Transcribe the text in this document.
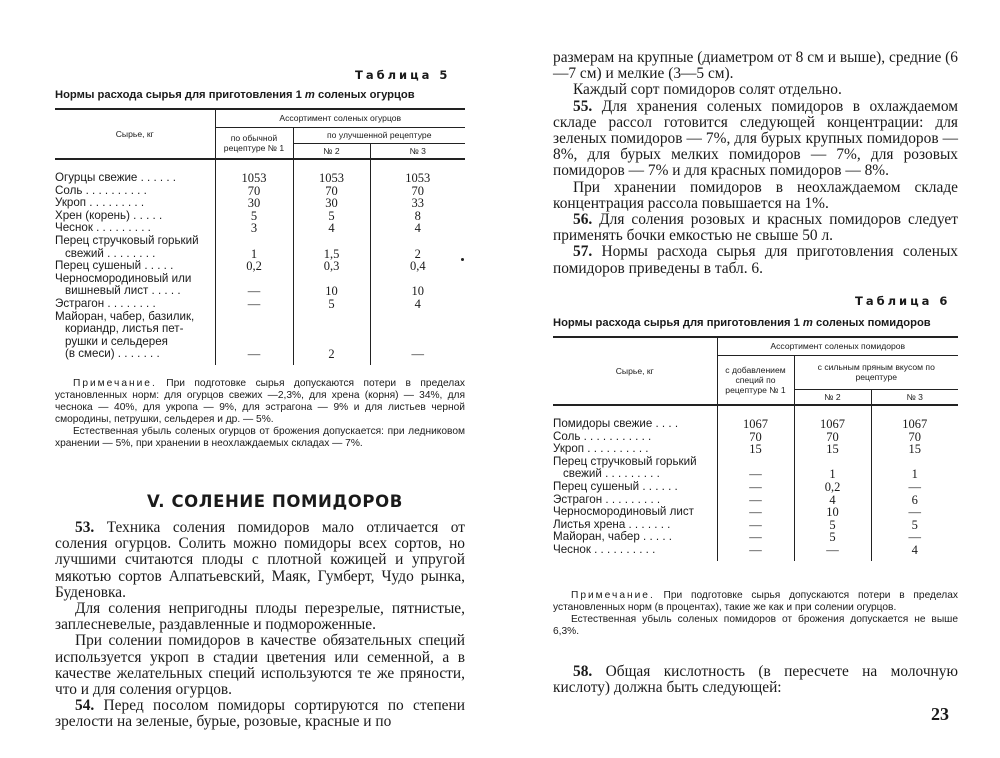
Таблица 5
Нормы расхода сырья для приготовления 1 т соленых огурцов
Сырье, кг	Ассортимент соленых огурцов		
	по обычной рецептуре № 1	по улучшенной рецептуре	
		№ 2	№ 3

Огурцы свежие . . . . . .	1053	1053	1053
Соль . . . . . . . . . .	70	70	70
Укроп . . . . . . . . .	30	30	33
Хрен (корень) . . . . .	5	5	8
Чеснок . . . . . . . . .	3	4	4
Перец стручковый горький			
свежий . . . . . . . .	1	1,5	2
Перец сушеный . . . . .	0,2	0,3	0,4
Черносмородиновый или			
вишневый лист . . . . .	—	10	10
Эстрагон . . . . . . . .	—	5	4
Майоран, чабер, базилик,			
кориандр, листья пет-			
рушки и сельдерея			
(в смеси) . . . . . . .	—	2	—

Примечание. При подготовке сырья допускаются потери в пределах установленных норм: для огурцов свежих —2,3%, для хрена (корня) — 34%, для чеснока — 40%, для укропа — 9%, для эстрагона — 9% и для листьев черной смородины, петрушки, сельдерея и др. — 5%.

Естественная убыль соленых огурцов от брожения допускается: при ледниковом хранении — 5%, при хранении в неохлаждаемых складах — 7%.

V. СОЛЕНИЕ ПОМИДОРОВ

53. Техника соления помидоров мало отличается от соления огурцов. Солить можно помидоры всех сортов, но лучшими считаются плоды с плотной кожицей и упругой мякотью сортов Алпатьевский, Маяк, Гумберт, Чудо рынка, Буденовка.

Для соления непригодны плоды перезрелые, пятнистые, заплесневелые, раздавленные и подмороженные.

При солении помидоров в качестве обязательных специй используется укроп в стадии цветения или семенной, а в качестве желательных специй используются те же пряности, что и для соления огурцов.

54. Перед посолом помидоры сортируются по степени зрелости на зеленые, бурые, розовые, красные и по

размерам на крупные (диаметром от 8 см и выше), средние (6—7 см) и мелкие (3—5 см).

Каждый сорт помидоров солят отдельно.

55. Для хранения соленых помидоров в охлаждаемом складе рассол готовится следующей концентрации: для зеленых помидоров — 7%, для бурых крупных помидоров — 8%, для бурых мелких помидоров — 7%, для розовых помидоров — 7% и для красных помидоров — 8%.

При хранении помидоров в неохлаждаемом складе концентрация рассола повышается на 1%.

56. Для соления розовых и красных помидоров следует применять бочки емкостью не свыше 50 л.

57. Нормы расхода сырья для приготовления соленых помидоров приведены в табл. 6.

Таблица 6
Нормы расхода сырья для приготовления 1 т соленых помидоров
Сырье, кг	Ассортимент соленых помидоров		
	с добавлением специй по рецептуре № 1	с сильным пряным вкусом по рецептуре	
		№ 2	№ 3

Помидоры свежие . . . .	1067	1067	1067
Соль . . . . . . . . . . .	70	70	70
Укроп . . . . . . . . . .	15	15	15
Перец стручковый горький			
свежий . . . . . . . . .	—	1	1
Перец сушеный . . . . . .	—	0,2	—
Эстрагон . . . . . . . . .	—	4	6
Черносмородиновый лист	—	10	—
Листья хрена . . . . . . .	—	5	5
Майоран, чабер . . . . .	—	5	—
Чеснок . . . . . . . . . .	—	—	4

Примечание. При подготовке сырья допускаются потери в пределах установленных норм (в процентах), такие же как и при солении огурцов.

Естественная убыль соленых помидоров от брожения допускается не выше 6,3%.

58. Общая кислотность (в пересчете на молочную кислоту) должна быть следующей:

23
